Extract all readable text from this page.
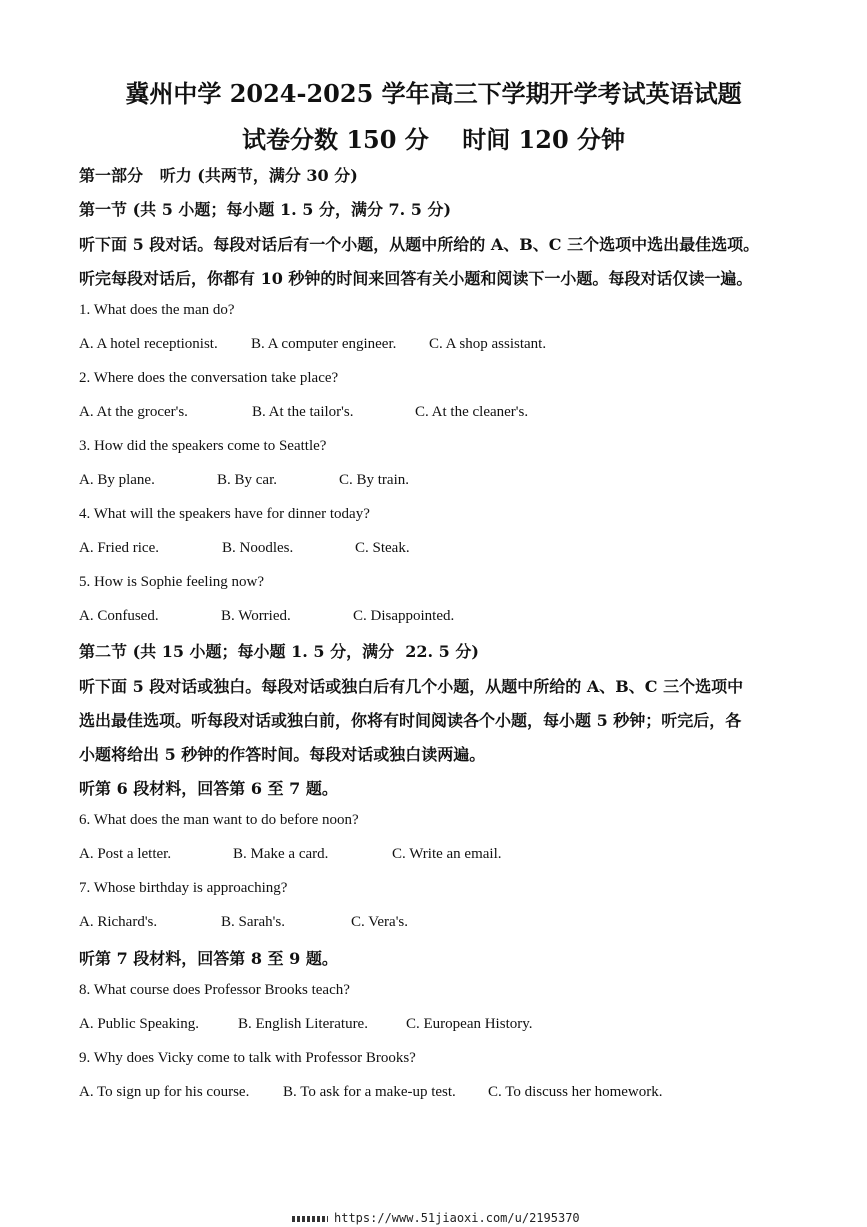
冀州中学 2024-2025 学年高三下学期开学考试英语试题
试卷分数 150 分    时间 120 分钟
第一部分   听力 (共两节，满分 30 分)
第一节 (共 5 小题；每小题 1. 5 分，满分 7. 5 分)
听下面 5 段对话。每段对话后有一个小题，从题中所给的 A、B、C 三个选项中选出最佳选项。
听完每段对话后，你都有 10 秒钟的时间来回答有关小题和阅读下一小题。每段对话仅读一遍。
1. What does the man do?
A. A hotel receptionist. B. A computer engineer. C. A shop assistant.
2. Where does the conversation take place?
A. At the grocer's.	B. At the tailor's.	C. At the cleaner's.
3. How did the speakers come to Seattle?
A. By plane.	B. By car.	C. By train.
4. What will the speakers have for dinner today?
A. Fried rice.	B. Noodles.	C. Steak.
5. How is Sophie feeling now?
A. Confused.	B. Worried.	C. Disappointed.
第二节 (共 15 小题；每小题 1. 5 分，满分  22. 5 分)
听下面 5 段对话或独白。每段对话或独白后有几个小题，从题中所给的 A、B、C 三个选项中
选出最佳选项。听每段对话或独白前，你将有时间阅读各个小题，每小题 5 秒钟；听完后，各
小题将给出 5 秒钟的作答时间。每段对话或独白读两遍。
听第 6 段材料，回答第 6 至 7 题。
6. What does the man want to do before noon?
A. Post a letter.	B. Make a card.	C. Write an email.
7. Whose birthday is approaching?
A. Richard's.	B. Sarah's.	C. Vera's.
听第 7 段材料，回答第 8 至 9 题。
8. What course does Professor Brooks teach?
A. Public Speaking.	B. English Literature.	C. European History.
9. Why does Vicky come to talk with Professor Brooks?
A. To sign up for his course. B. To ask for a make-up test. C. To discuss her homework.
https://www.51jiaoxi.com/u/2195370
